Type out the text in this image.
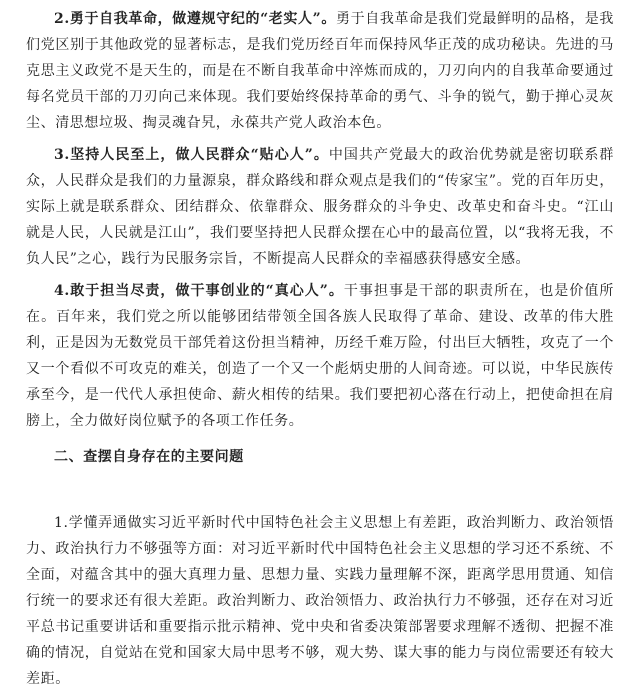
2.勇于自我革命，做遵规守纪的“老实人”。勇于自我革命是我们党最鲜明的品格，是我们党区别于其他政党的显著标志，是我们党历经百年而保持风华正茂的成功秘诀。先进的马克思主义政党不是天生的，而是在不断自我革命中淬炼而成的，刀刃向内的自我革命要通过每名党员干部的刀刃向己来体现。我们要始终保持革命的勇气、斗争的锐气，勤于掸心灵灰尘、清思想垃圾、掏灵魂旮旯，永葆共产党人政治本色。

3.坚持人民至上，做人民群众“贴心人”。中国共产党最大的政治优势就是密切联系群众，人民群众是我们的力量源泉，群众路线和群众观点是我们的“传家宝”。党的百年历史，实际上就是联系群众、团结群众、依靠群众、服务群众的斗争史、改革史和奋斗史。“江山就是人民，人民就是江山”，我们要坚持把人民群众摆在心中的最高位置，以“我将无我，不负人民”之心，践行为民服务宗旨，不断提高人民群众的幸福感获得感安全感。

4.敢于担当尽责，做干事创业的“真心人”。干事担事是干部的职责所在，也是价值所在。百年来，我们党之所以能够团结带领全国各族人民取得了革命、建设、改革的伟大胜利，正是因为无数党员干部凭着这份担当精神，历经千难万险，付出巨大牺牲，攻克了一个又一个看似不可攻克的难关，创造了一个又一个彪炳史册的人间奇迹。可以说，中华民族传承至今，是一代代人承担使命、薪火相传的结果。我们要把初心落在行动上，把使命担在肩膀上，全力做好岗位赋予的各项工作任务。

二、查摆自身存在的主要问题

1.学懂弄通做实习近平新时代中国特色社会主义思想上有差距，政治判断力、政治领悟力、政治执行力不够强等方面：对习近平新时代中国特色社会主义思想的学习还不系统、不全面，对蕴含其中的强大真理力量、思想力量、实践力量理解不深，距离学思用贯通、知信行统一的要求还有很大差距。政治判断力、政治领悟力、政治执行力不够强，还存在对习近平总书记重要讲话和重要指示批示精神、党中央和省委决策部署要求理解不透彻、把握不准确的情况，自觉站在党和国家大局中思考不够，观大势、谋大事的能力与岗位需要还有较大差距。
